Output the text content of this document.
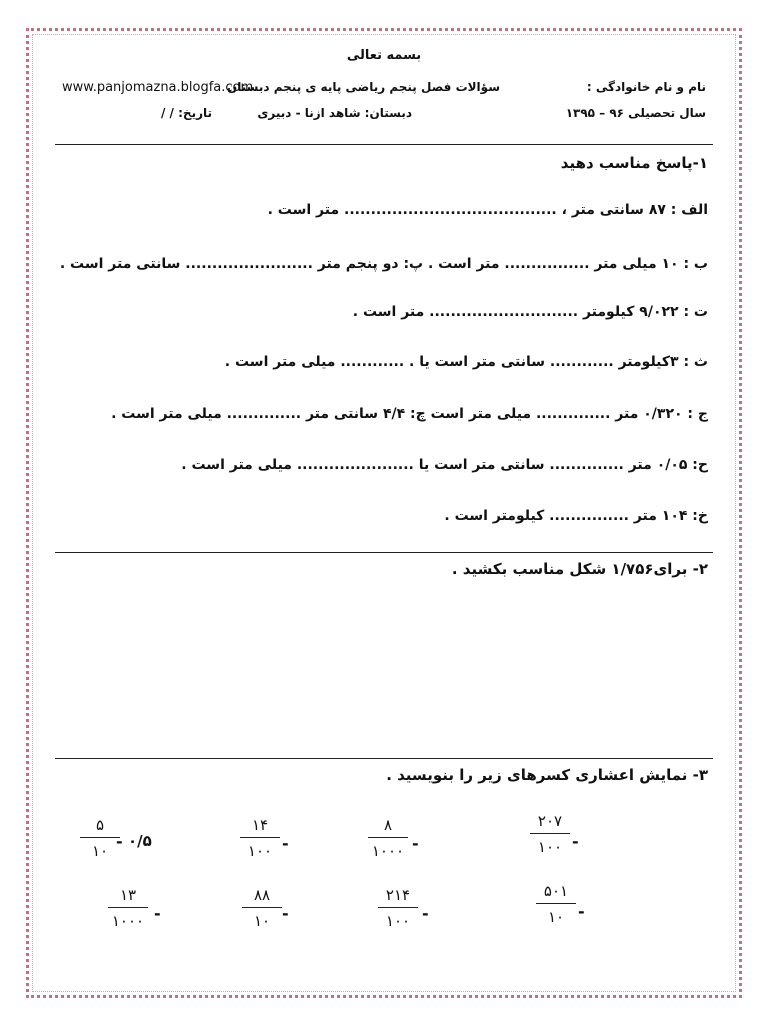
بسمه تعالی
نام و نام خانوادگی :
سؤالات فصل پنجم ریاضی پایه ی پنجم دبستان
www.panjomazna.blogfa.com
سال تحصیلی ۹۶ – ۱۳۹۵
دبستان: شاهد ازنا - دبیری
تاریخ: / /
۱-پاسخ مناسب دهید
الف : ۸۷ سانتی متر ، ........................................ متر است .
ب : ۱۰ میلی متر ................ متر است . پ: دو پنجم متر ........................ سانتی متر است .
ت : ۹/۰۲۲ کیلومتر ............................ متر است .
ث : ۳کیلومتر ............ سانتی متر است یا . ............ میلی متر است .
ج : ۰/۳۲۰ متر .............. میلی متر است چ: ۴/۴ سانتی متر .............. میلی متر است .
ح: ۰/۰۵ متر .............. سانتی متر است یا ...................... میلی متر است .
خ: ۱۰۴ متر ............... کیلومتر است .
۲- برای۱/۷۵۶ شکل مناسب بکشید .
۳- نمایش اعشاری کسرهای زیر را بنویسید .
۲۰۷
۱۰۰ -
۸
۱۰۰۰ -
۱۴
۱۰۰ -
۵
۱۰ - ۰/۵
۵۰۱
۱۰ -
۲۱۴
۱۰۰ -
۸۸
۱۰ -
۱۳
۱۰۰۰ -
